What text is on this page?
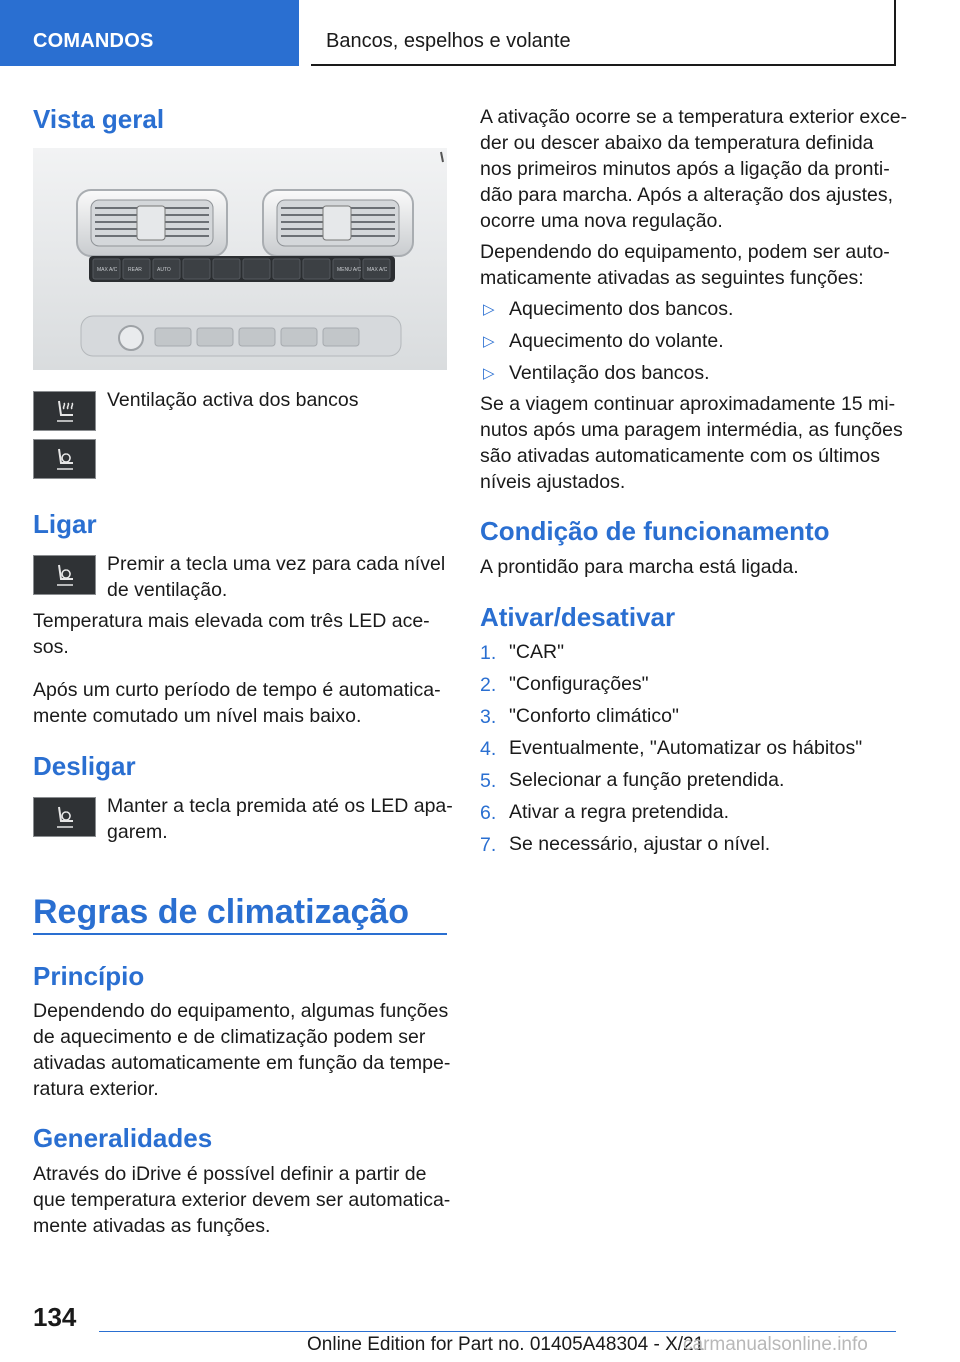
COMANDOS	Bancos, espelhos e volante
Vista geral
MAX A/C REAR	AUTO	MENU A/C MAX A/C
Ventilação activa dos bancos
Ligar
Premir a tecla uma vez para cada nível
de ventilação.
Temperatura mais elevada com três LED ace-
sos.
Após um curto período de tempo é automatica-
mente comutado um nível mais baixo.
Desligar
Manter a tecla premida até os LED apa-
garem.
Regras de climatização
Princípio
Dependendo do equipamento, algumas funções
de aquecimento e de climatização podem ser
ativadas automaticamente em função da tempe-
ratura exterior.
Generalidades
Através do iDrive é possível definir a partir de
que temperatura exterior devem ser automatica-
mente ativadas as funções.
A ativação ocorre se a temperatura exterior exce-
der ou descer abaixo da temperatura definida
nos primeiros minutos após a ligação da pronti-
dão para marcha. Após a alteração dos ajustes,
ocorre uma nova regulação.
Dependendo do equipamento, podem ser auto-
maticamente ativadas as seguintes funções:
▷ Aquecimento dos bancos.
▷ Aquecimento do volante.
▷ Ventilação dos bancos.
Se a viagem continuar aproximadamente 15 mi-
nutos após uma paragem intermédia, as funções
são ativadas automaticamente com os últimos
níveis ajustados.
Condição de funcionamento
A prontidão para marcha está ligada.
Ativar/desativar
1. "CAR"
2. "Configurações"
3. "Conforto climático"
4. Eventualmente, "Automatizar os hábitos"
5. Selecionar a função pretendida.
6. Ativar a regra pretendida.
7. Se necessário, ajustar o nível.
134
Online Edition for Part no. 01405A48304 - X/21
carmanualsonline.info
